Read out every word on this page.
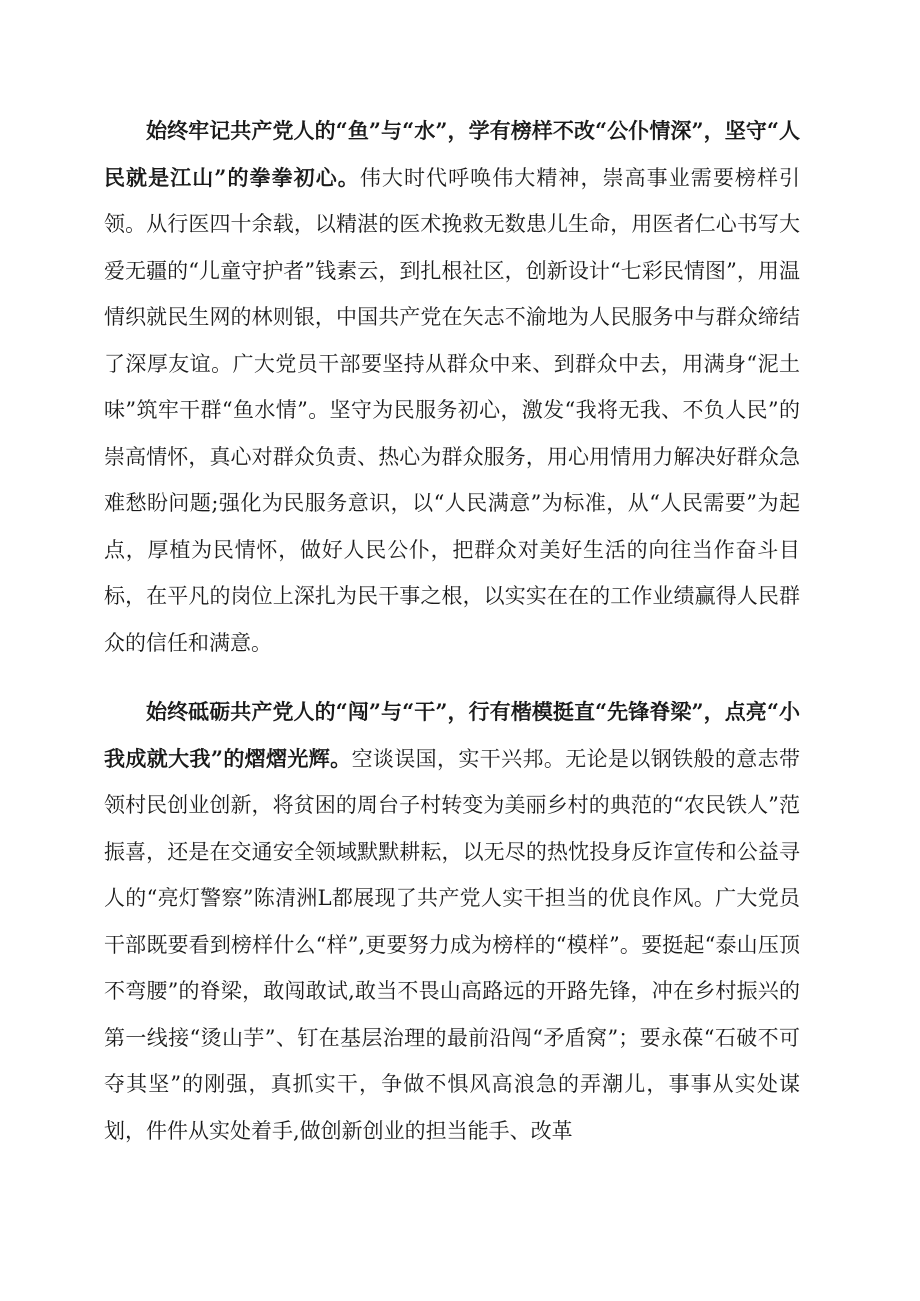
始终牢记共产党人的“鱼”与“水”，学有榜样不改“公仆情深”，坚守“人民就是江山”的拳拳初心。伟大时代呼唤伟大精神，崇高事业需要榜样引领。从行医四十余载，以精湛的医术挽救无数患儿生命，用医者仁心书写大爱无疆的“儿童守护者”钱素云，到扎根社区，创新设计“七彩民情图”，用温情织就民生网的林则银，中国共产党在矢志不渝地为人民服务中与群众缔结了深厚友谊。广大党员干部要坚持从群众中来、到群众中去，用满身“泥土味”筑牢干群“鱼水情”。坚守为民服务初心，激发“我将无我、不负人民”的崇高情怀，真心对群众负责、热心为群众服务，用心用情用力解决好群众急难愁盼问题;强化为民服务意识，以“人民满意”为标准，从“人民需要”为起点，厚植为民情怀，做好人民公仆，把群众对美好生活的向往当作奋斗目标，在平凡的岗位上深扎为民干事之根，以实实在在的工作业绩赢得人民群众的信任和满意。

始终砥砺共产党人的“闯”与“干”，行有楷模挺直“先锋脊梁”，点亮“小我成就大我”的熠熠光辉。空谈误国，实干兴邦。无论是以钢铁般的意志带领村民创业创新，将贫困的周台子村转变为美丽乡村的典范的“农民铁人”范振喜，还是在交通安全领域默默耕耘，以无尽的热忱投身反诈宣传和公益寻人的“亮灯警察”陈清洲L都展现了共产党人实干担当的优良作风。广大党员干部既要看到榜样什么“样”,更要努力成为榜样的“模样”。要挺起“泰山压顶不弯腰”的脊梁，敢闯敢试,敢当不畏山高路远的开路先锋，冲在乡村振兴的第一线接“烫山芋”、钉在基层治理的最前沿闯“矛盾窝”；要永葆“石破不可夺其坚”的刚强，真抓实干，争做不惧风高浪急的弄潮儿，事事从实处谋划，件件从实处着手,做创新创业的担当能手、改革
